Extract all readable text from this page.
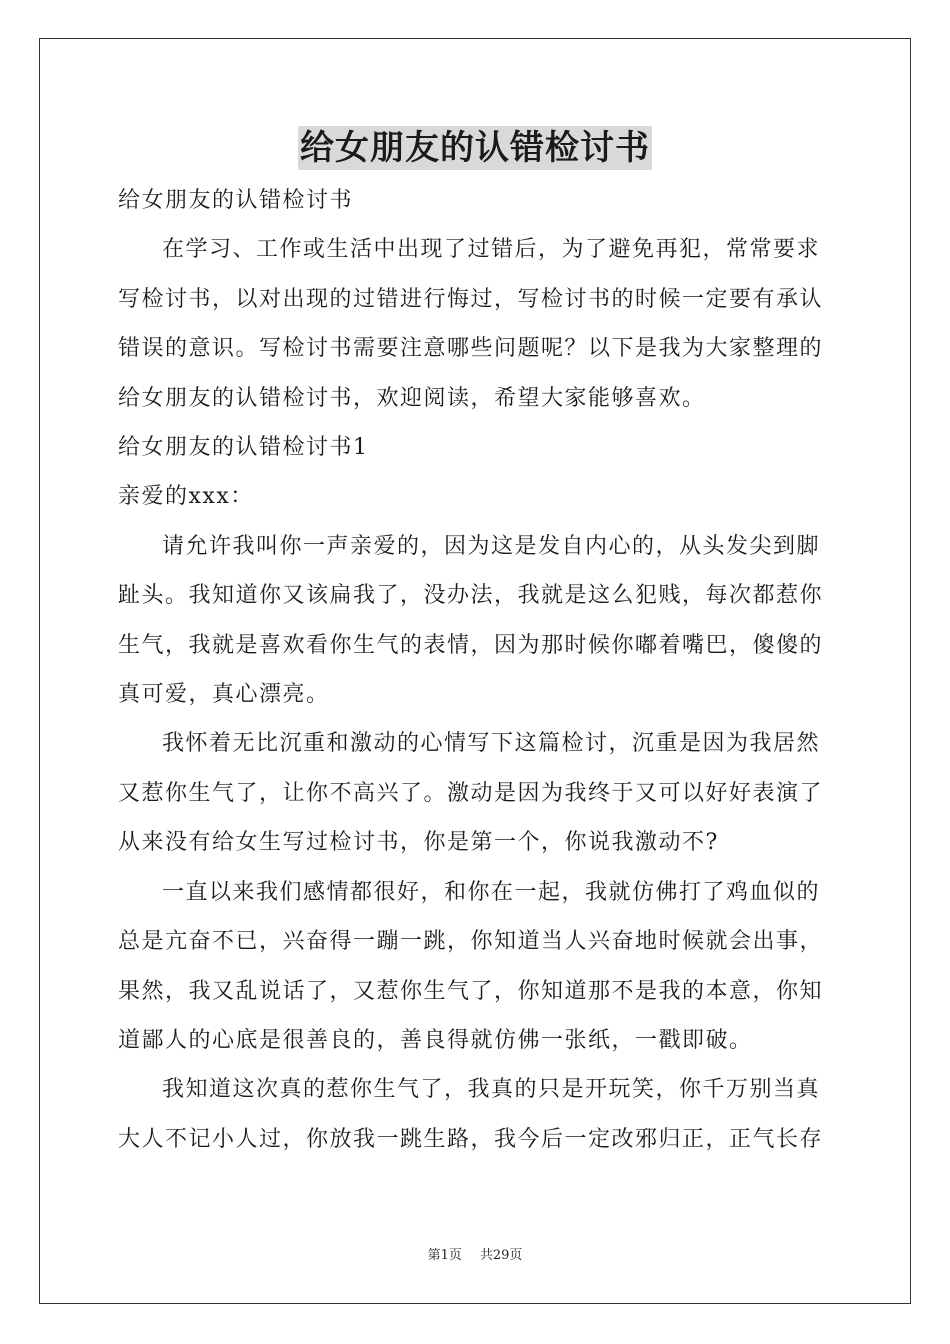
给女朋友的认错检讨书

给女朋友的认错检讨书

在学习、工作或生活中出现了过错后，为了避免再犯，常常要求写检讨书，以对出现的过错进行悔过，写检讨书的时候一定要有承认错误的意识。写检讨书需要注意哪些问题呢？以下是我为大家整理的给女朋友的认错检讨书，欢迎阅读，希望大家能够喜欢。

给女朋友的认错检讨书1

亲爱的xxx：

请允许我叫你一声亲爱的，因为这是发自内心的，从头发尖到脚趾头。我知道你又该扁我了，没办法，我就是这么犯贱，每次都惹你生气，我就是喜欢看你生气的表情，因为那时候你嘟着嘴巴，傻傻的真可爱，真心漂亮。

我怀着无比沉重和激动的心情写下这篇检讨，沉重是因为我居然又惹你生气了，让你不高兴了。激动是因为我终于又可以好好表演了从来没有给女生写过检讨书，你是第一个，你说我激动不?

一直以来我们感情都很好，和你在一起，我就仿佛打了鸡血似的总是亢奋不已，兴奋得一蹦一跳，你知道当人兴奋地时候就会出事，果然，我又乱说话了，又惹你生气了，你知道那不是我的本意，你知道鄙人的心底是很善良的，善良得就仿佛一张纸，一戳即破。

我知道这次真的惹你生气了，我真的只是开玩笑，你千万别当真大人不记小人过，你放我一跳生路，我今后一定改邪归正，正气长存

第1页 共29页
